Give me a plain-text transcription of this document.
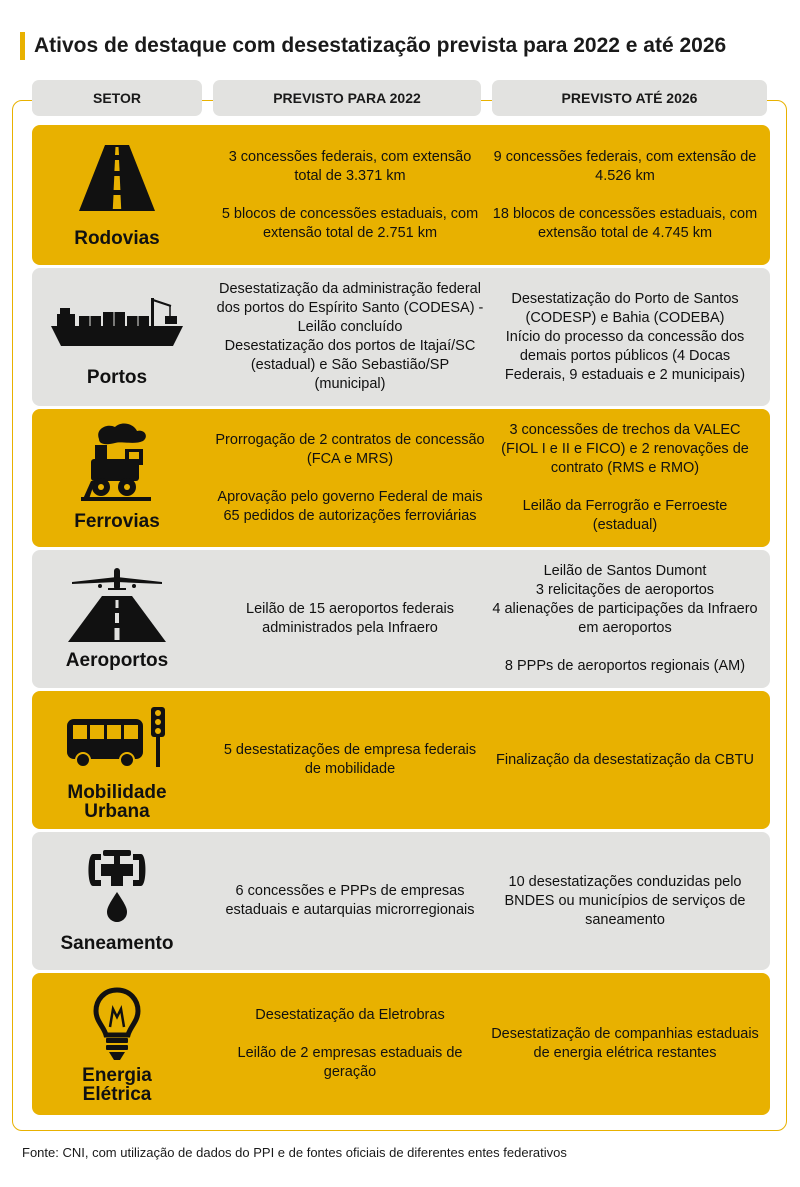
Ativos de destaque com desestatização prevista para 2022 e até 2026
SETOR	PREVISTO PARA 2022	PREVISTO ATÉ 2026
Rodovias

3 concessões federais, com extensão total de 3.371 km

5 blocos de concessões estaduais, com extensão total de 2.751 km

9 concessões federais, com extensão de 4.526 km

18 blocos de concessões estaduais, com extensão total de 4.745 km

Portos

Desestatização da administração federal dos portos do Espírito Santo (CODESA) - Leilão concluído

Desestatização dos portos de Itajaí/SC (estadual) e São Sebastião/SP (municipal)

Desestatização do Porto de Santos (CODESP) e Bahia (CODEBA)

Início do processo da concessão dos demais portos públicos (4 Docas Federais, 9 estaduais e 2 municipais)

Ferrovias

Prorrogação de 2 contratos de concessão (FCA e MRS)

Aprovação pelo governo Federal de mais 65 pedidos de autorizações ferroviárias

3 concessões de trechos da VALEC (FIOL I e II e FICO) e 2 renovações de contrato (RMS e RMO)

Leilão da Ferrogrão e Ferroeste (estadual)

Aeroportos

Leilão de 15 aeroportos federais administrados pela Infraero

Leilão de Santos Dumont

3 relicitações de aeroportos

4 alienações de participações da Infraero em aeroportos

8 PPPs de aeroportos regionais (AM)

Mobilidade
Urbana

5 desestatizações de empresa federais de mobilidade

Finalização da desestatização da CBTU

Saneamento

6 concessões e PPPs de empresas estaduais e autarquias microrregionais

10 desestatizações conduzidas pelo BNDES ou municípios de serviços de saneamento

Energia
Elétrica

Desestatização da Eletrobras

Leilão de 2 empresas estaduais de geração

Desestatização de companhias estaduais de energia elétrica restantes

Fonte: CNI, com utilização de dados do PPI e de fontes oficiais de diferentes entes federativos
